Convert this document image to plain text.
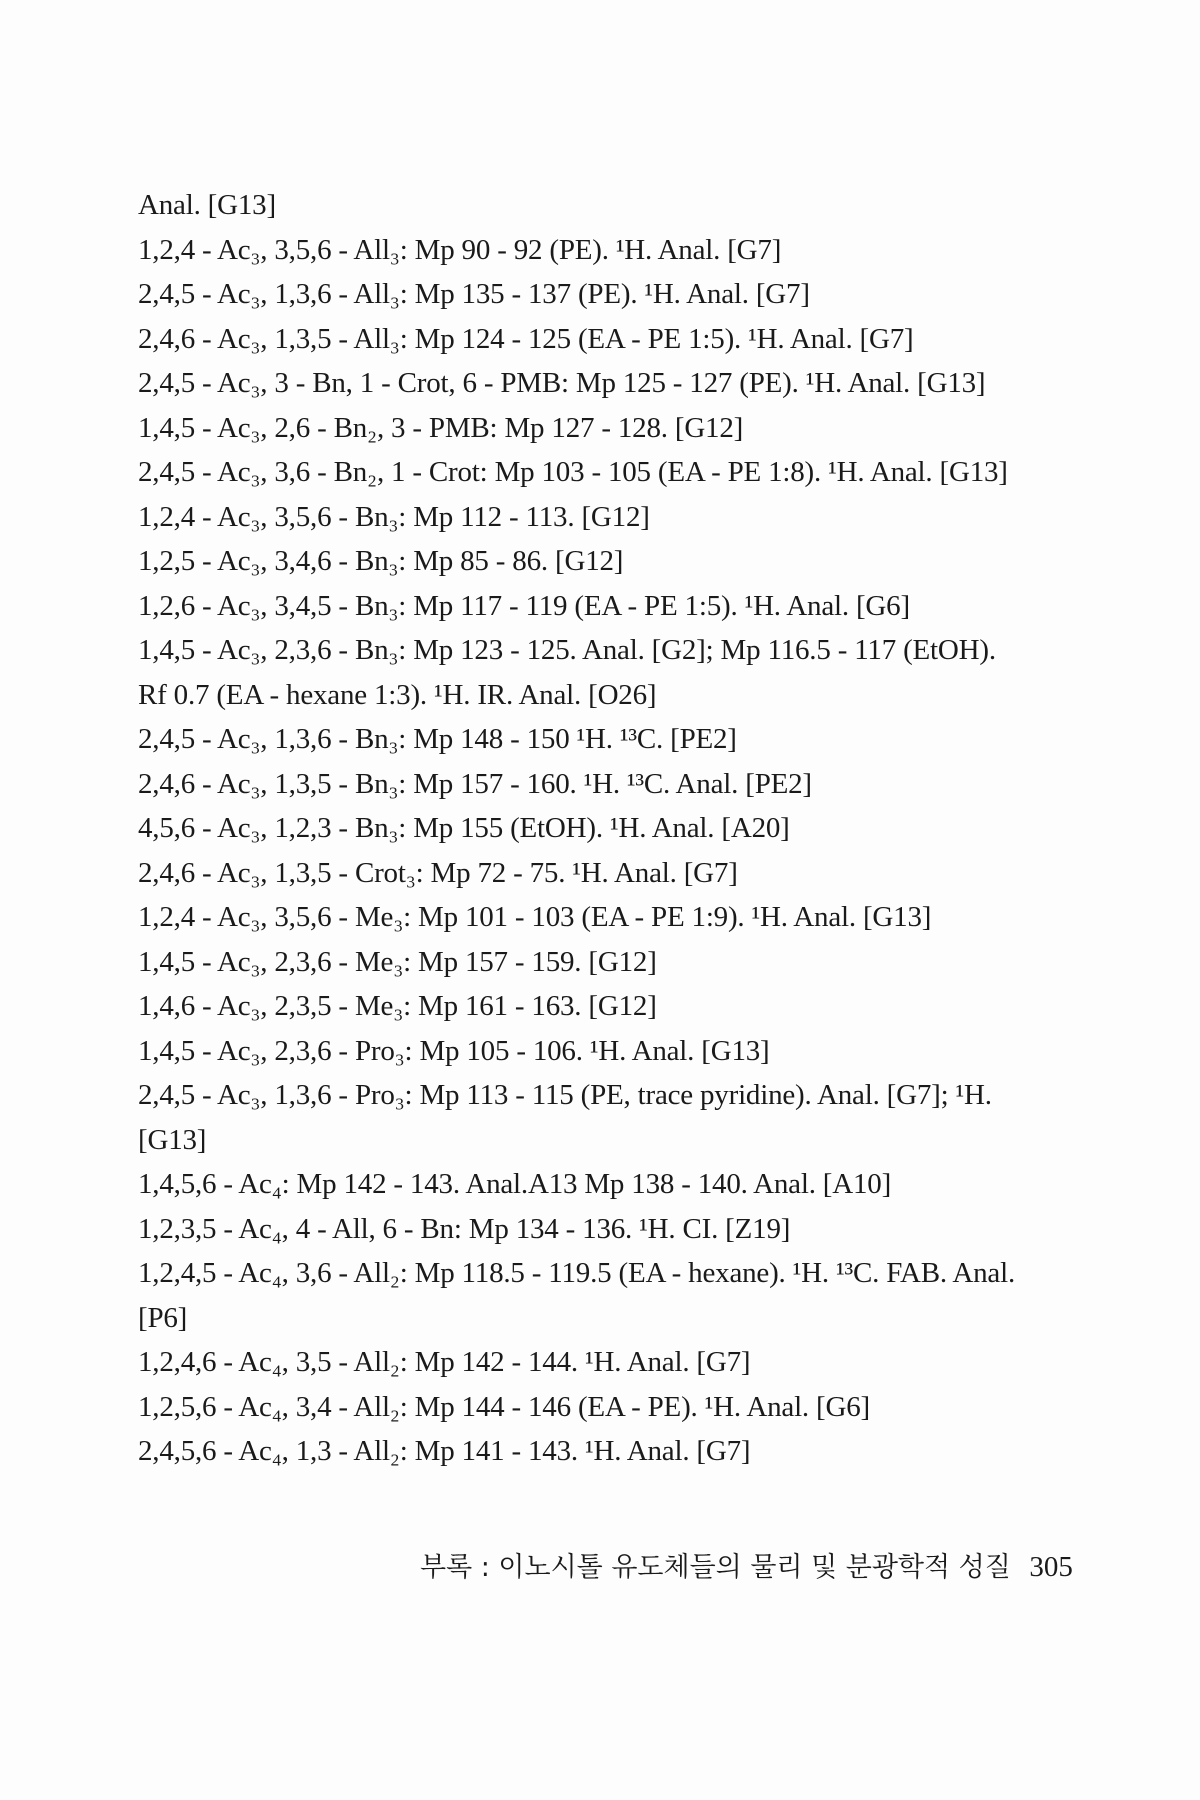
Anal. [G13]
1,2,4 - Ac₃, 3,5,6 - All₃: Mp 90 - 92 (PE). ¹H. Anal. [G7]
2,4,5 - Ac₃, 1,3,6 - All₃: Mp 135 - 137 (PE). ¹H. Anal. [G7]
2,4,6 - Ac₃, 1,3,5 - All₃: Mp 124 - 125 (EA - PE 1:5). ¹H. Anal. [G7]
2,4,5 - Ac₃, 3 - Bn, 1 - Crot, 6 - PMB: Mp 125 - 127 (PE). ¹H. Anal. [G13]
1,4,5 - Ac₃, 2,6 - Bn₂, 3 - PMB: Mp 127 - 128. [G12]
2,4,5 - Ac₃, 3,6 - Bn₂, 1 - Crot: Mp 103 - 105 (EA - PE 1:8). ¹H. Anal. [G13]
1,2,4 - Ac₃, 3,5,6 - Bn₃: Mp 112 - 113. [G12]
1,2,5 - Ac₃, 3,4,6 - Bn₃: Mp 85 - 86. [G12]
1,2,6 - Ac₃, 3,4,5 - Bn₃: Mp 117 - 119 (EA - PE 1:5). ¹H. Anal. [G6]
1,4,5 - Ac₃, 2,3,6 - Bn₃: Mp 123 - 125. Anal. [G2]; Mp 116.5 - 117 (EtOH).
Rf 0.7 (EA - hexane 1:3). ¹H. IR. Anal. [O26]
2,4,5 - Ac₃, 1,3,6 - Bn₃: Mp 148 - 150 ¹H. ¹³C. [PE2]
2,4,6 - Ac₃, 1,3,5 - Bn₃: Mp 157 - 160. ¹H. ¹³C. Anal. [PE2]
4,5,6 - Ac₃, 1,2,3 - Bn₃: Mp 155 (EtOH). ¹H. Anal. [A20]
2,4,6 - Ac₃, 1,3,5 - Crot₃: Mp 72 - 75. ¹H. Anal. [G7]
1,2,4 - Ac₃, 3,5,6 - Me₃: Mp 101 - 103 (EA - PE 1:9). ¹H. Anal. [G13]
1,4,5 - Ac₃, 2,3,6 - Me₃: Mp 157 - 159. [G12]
1,4,6 - Ac₃, 2,3,5 - Me₃: Mp 161 - 163. [G12]
1,4,5 - Ac₃, 2,3,6 - Pro₃: Mp 105 - 106. ¹H. Anal. [G13]
2,4,5 - Ac₃, 1,3,6 - Pro₃: Mp 113 - 115 (PE, trace pyridine). Anal. [G7]; ¹H.
[G13]
1,4,5,6 - Ac₄: Mp 142 - 143. Anal.A13 Mp 138 - 140. Anal. [A10]
1,2,3,5 - Ac₄, 4 - All, 6 - Bn: Mp 134 - 136. ¹H. CI. [Z19]
1,2,4,5 - Ac₄, 3,6 - All₂: Mp 118.5 - 119.5 (EA - hexane). ¹H. ¹³C. FAB. Anal.
[P6]
1,2,4,6 - Ac₄, 3,5 - All₂: Mp 142 - 144. ¹H. Anal. [G7]
1,2,5,6 - Ac₄, 3,4 - All₂: Mp 144 - 146 (EA - PE). ¹H. Anal. [G6]
2,4,5,6 - Ac₄, 1,3 - All₂: Mp 141 - 143. ¹H. Anal. [G7]
부록 : 이노시톨 유도체들의 물리 및 분광학적 성질 305
